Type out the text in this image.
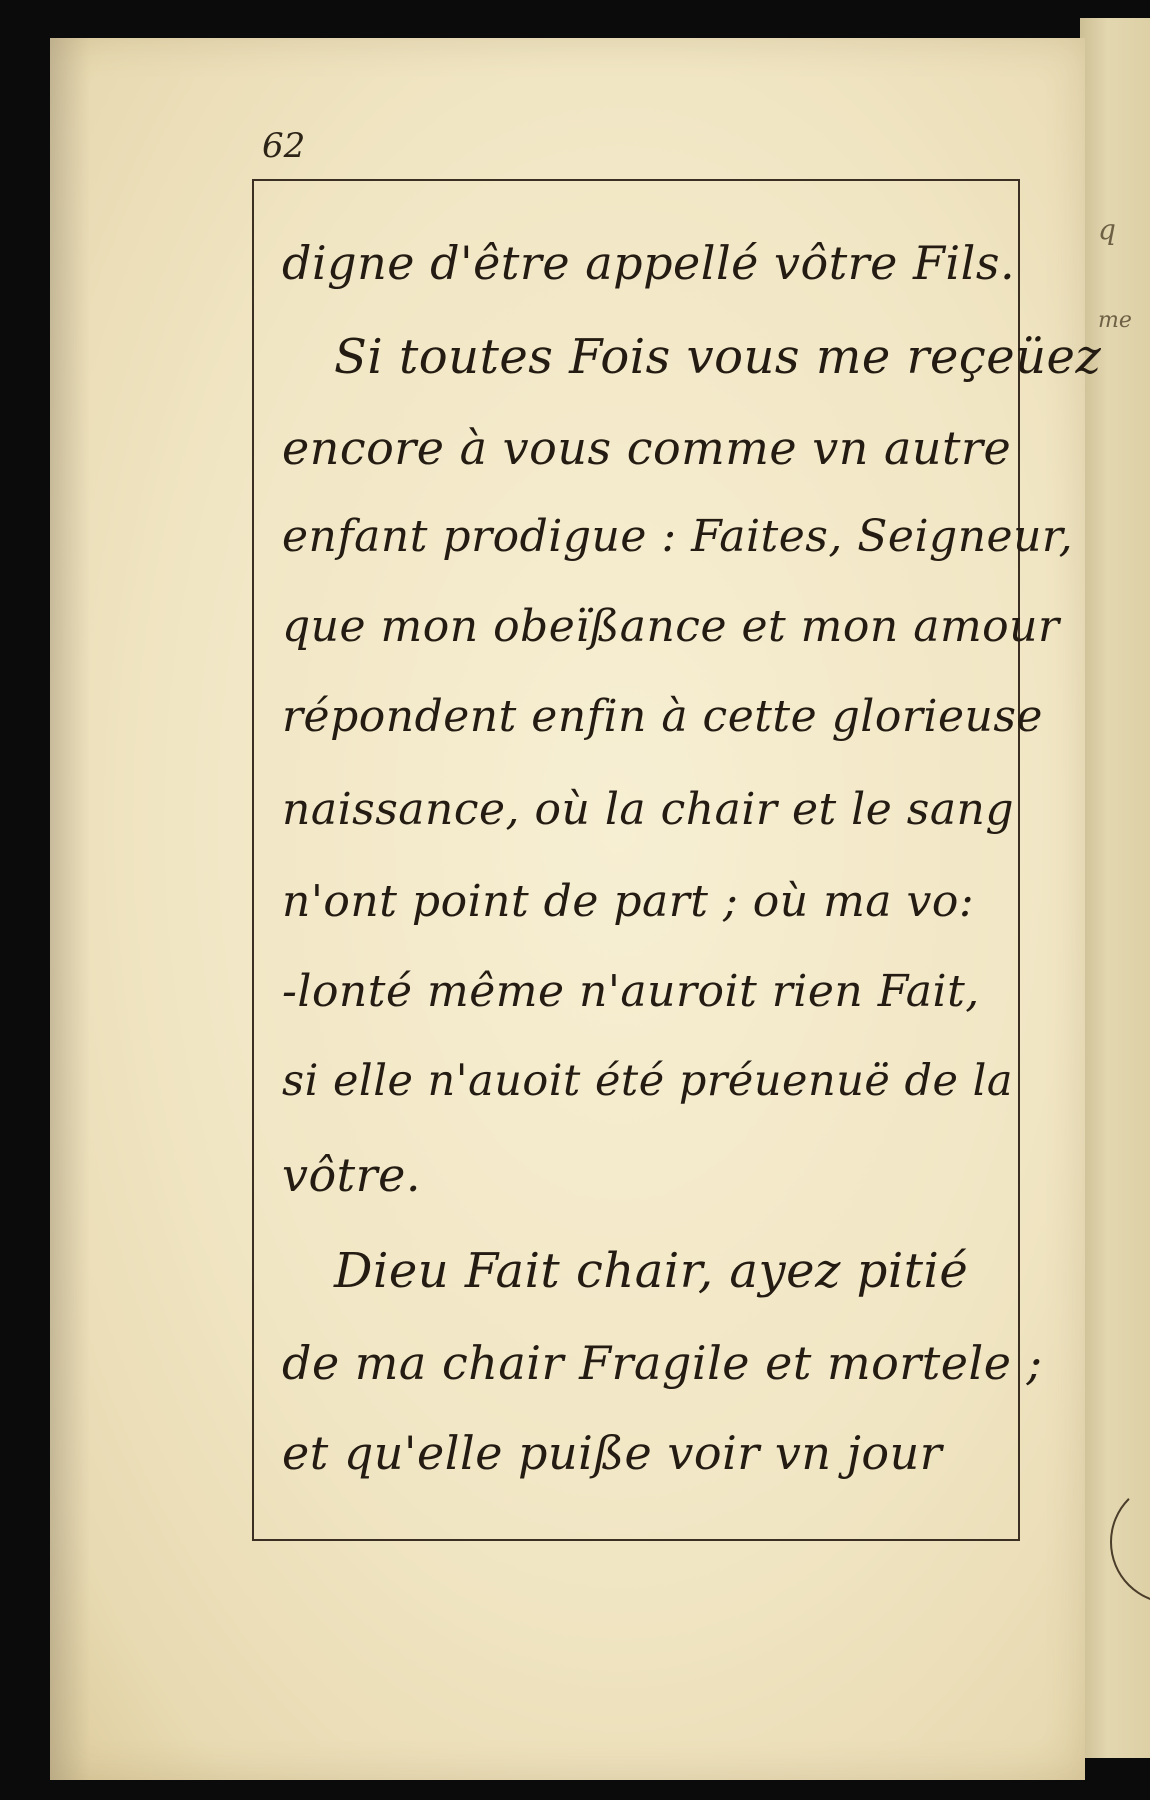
q
me
62
digne d'être appellé vôtre Fils.
Si toutes Fois vous me reçeüez
encore à vous comme vn autre
enfant prodigue : Faites, Seigneur,
que mon obeïßance et mon amour
répondent enfin à cette glorieuse
naissance, où la chair et le sang
n'ont point de part ; où ma vo:
-lonté même n'auroit rien Fait,
si elle n'auoit été préuenuë de la
vôtre.
Dieu Fait chair, ayez pitié
de ma chair Fragile et mortele ;
et qu'elle puiße voir vn jour
